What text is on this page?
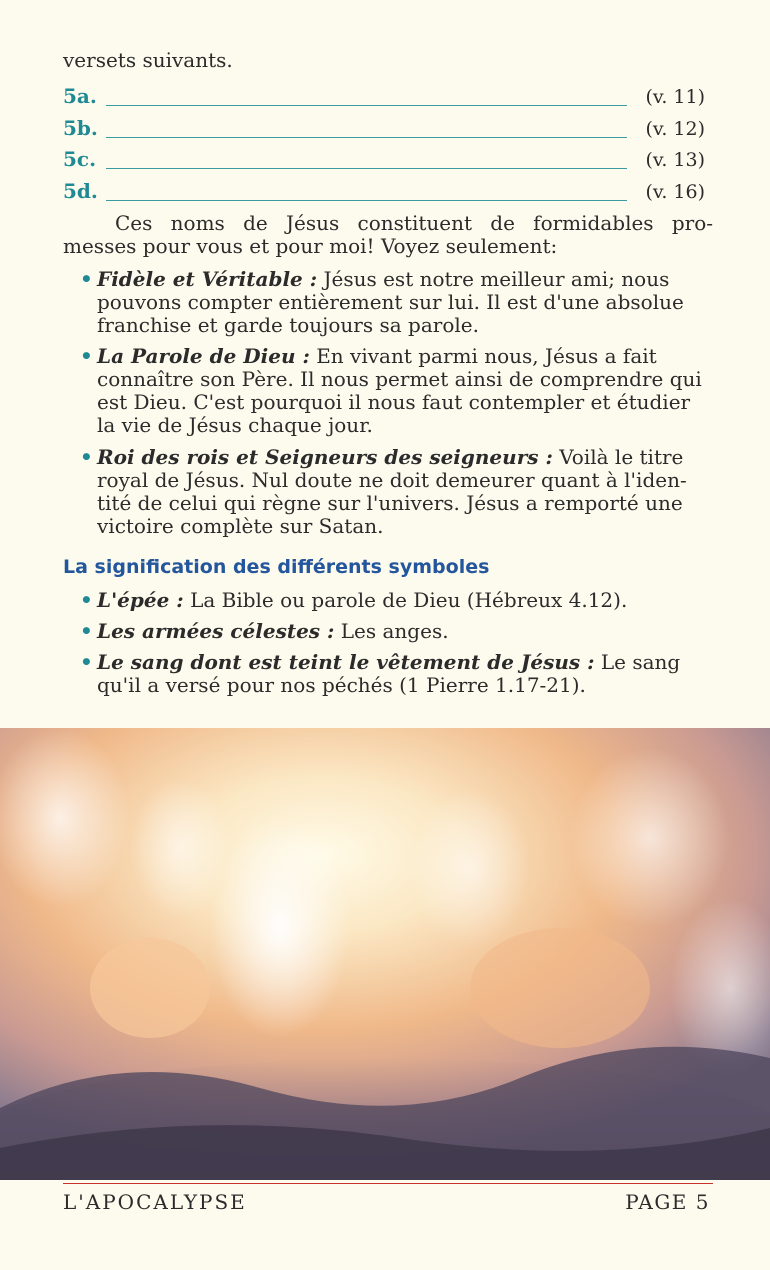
versets suivants.
5a.	(v. 11)
5b.	(v. 12)
5c.	(v. 13)
5d.	(v. 16)
Ces noms de Jésus constituent de formidables pro-
messes pour vous et pour moi! Voyez seulement:
• Fidèle et Véritable : Jésus est notre meilleur ami; nous pouvons compter entièrement sur lui. Il est d'une absolue franchise et garde toujours sa parole.
• La Parole de Dieu : En vivant parmi nous, Jésus a fait connaître son Père. Il nous permet ainsi de comprendre qui est Dieu. C'est pourquoi il nous faut contempler et étudier la vie de Jésus chaque jour.
• Roi des rois et Seigneurs des seigneurs : Voilà le titre royal de Jésus. Nul doute ne doit demeurer quant à l'iden-tité de celui qui règne sur l'univers. Jésus a remporté une victoire complète sur Satan.
La signification des différents symboles
• L'épée : La Bible ou parole de Dieu (Hébreux 4.12).
• Les armées célestes : Les anges.
• Le sang dont est teint le vêtement de Jésus : Le sang qu'il a versé pour nos péchés (1 Pierre 1.17-21).
L'APOCALYPSE	PAGE 5
